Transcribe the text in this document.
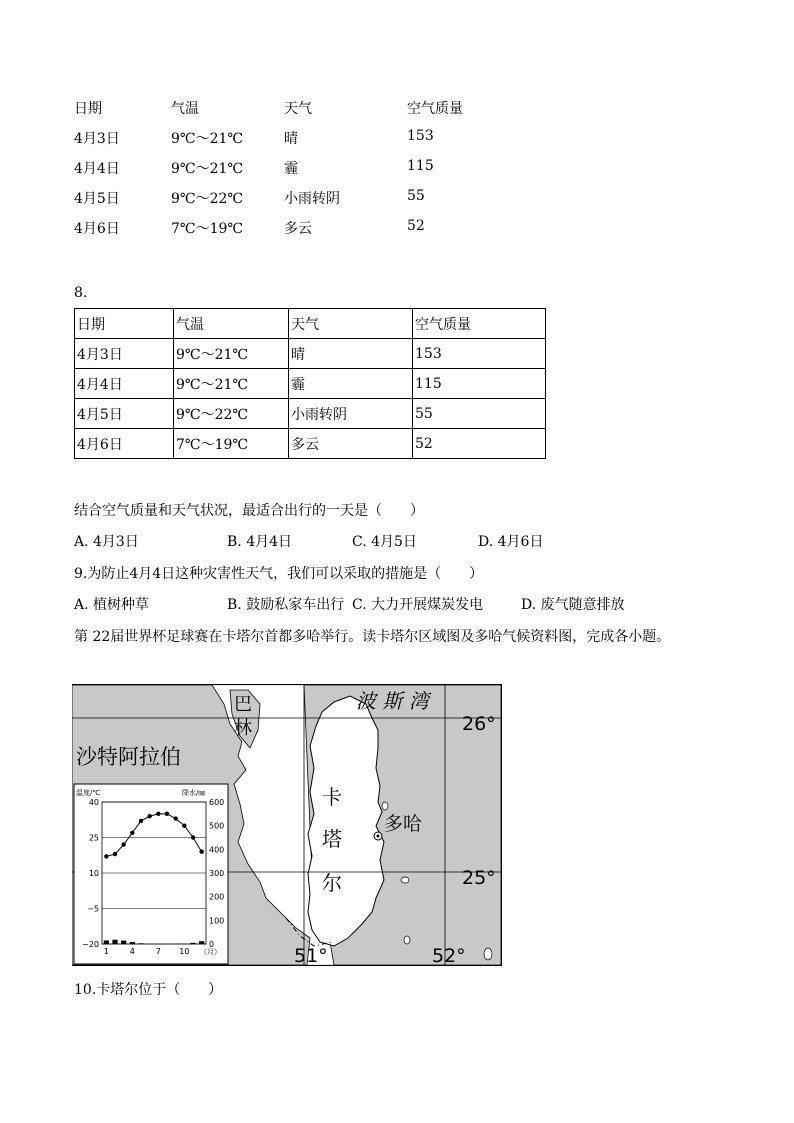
日期	气温	天气	空气质量
4月3日	9℃～21℃	晴	153
4月4日	9℃～21℃	霾	115
4月5日	9℃～22℃	小雨转阴	55
4月6日	7℃～19℃	多云	52
8.
日期	气温	天气	空气质量
4月3日	9℃～21℃	晴	153
4月4日	9℃～21℃	霾	115
4月5日	9℃～22℃	小雨转阴	55
4月6日	7℃～19℃	多云	52
结合空气质量和天气状况，最适合出行的一天是（　　）
A. 4月3日	B. 4月4日	C. 4月5日	D. 4月6日
9.为防止4月4日这种灾害性天气，我们可以采取的措施是（　　）
A. 植树种草	B. 鼓励私家车出行 C. 大力开展煤炭发电	D. 废气随意排放
第 22届世界杯足球赛在卡塔尔首都多哈举行。读卡塔尔区域图及多哈气候资料图，完成各小题。
波 斯 湾
巴
林
沙特阿拉伯
卡
塔
尔
多哈
26°
25°
51°	52°
温度/℃	降水/㎜
40
25
10
−5
−20
600
500
400
300
200
100
0
1	4	7 10 （月）
10.卡塔尔位于（　　）
